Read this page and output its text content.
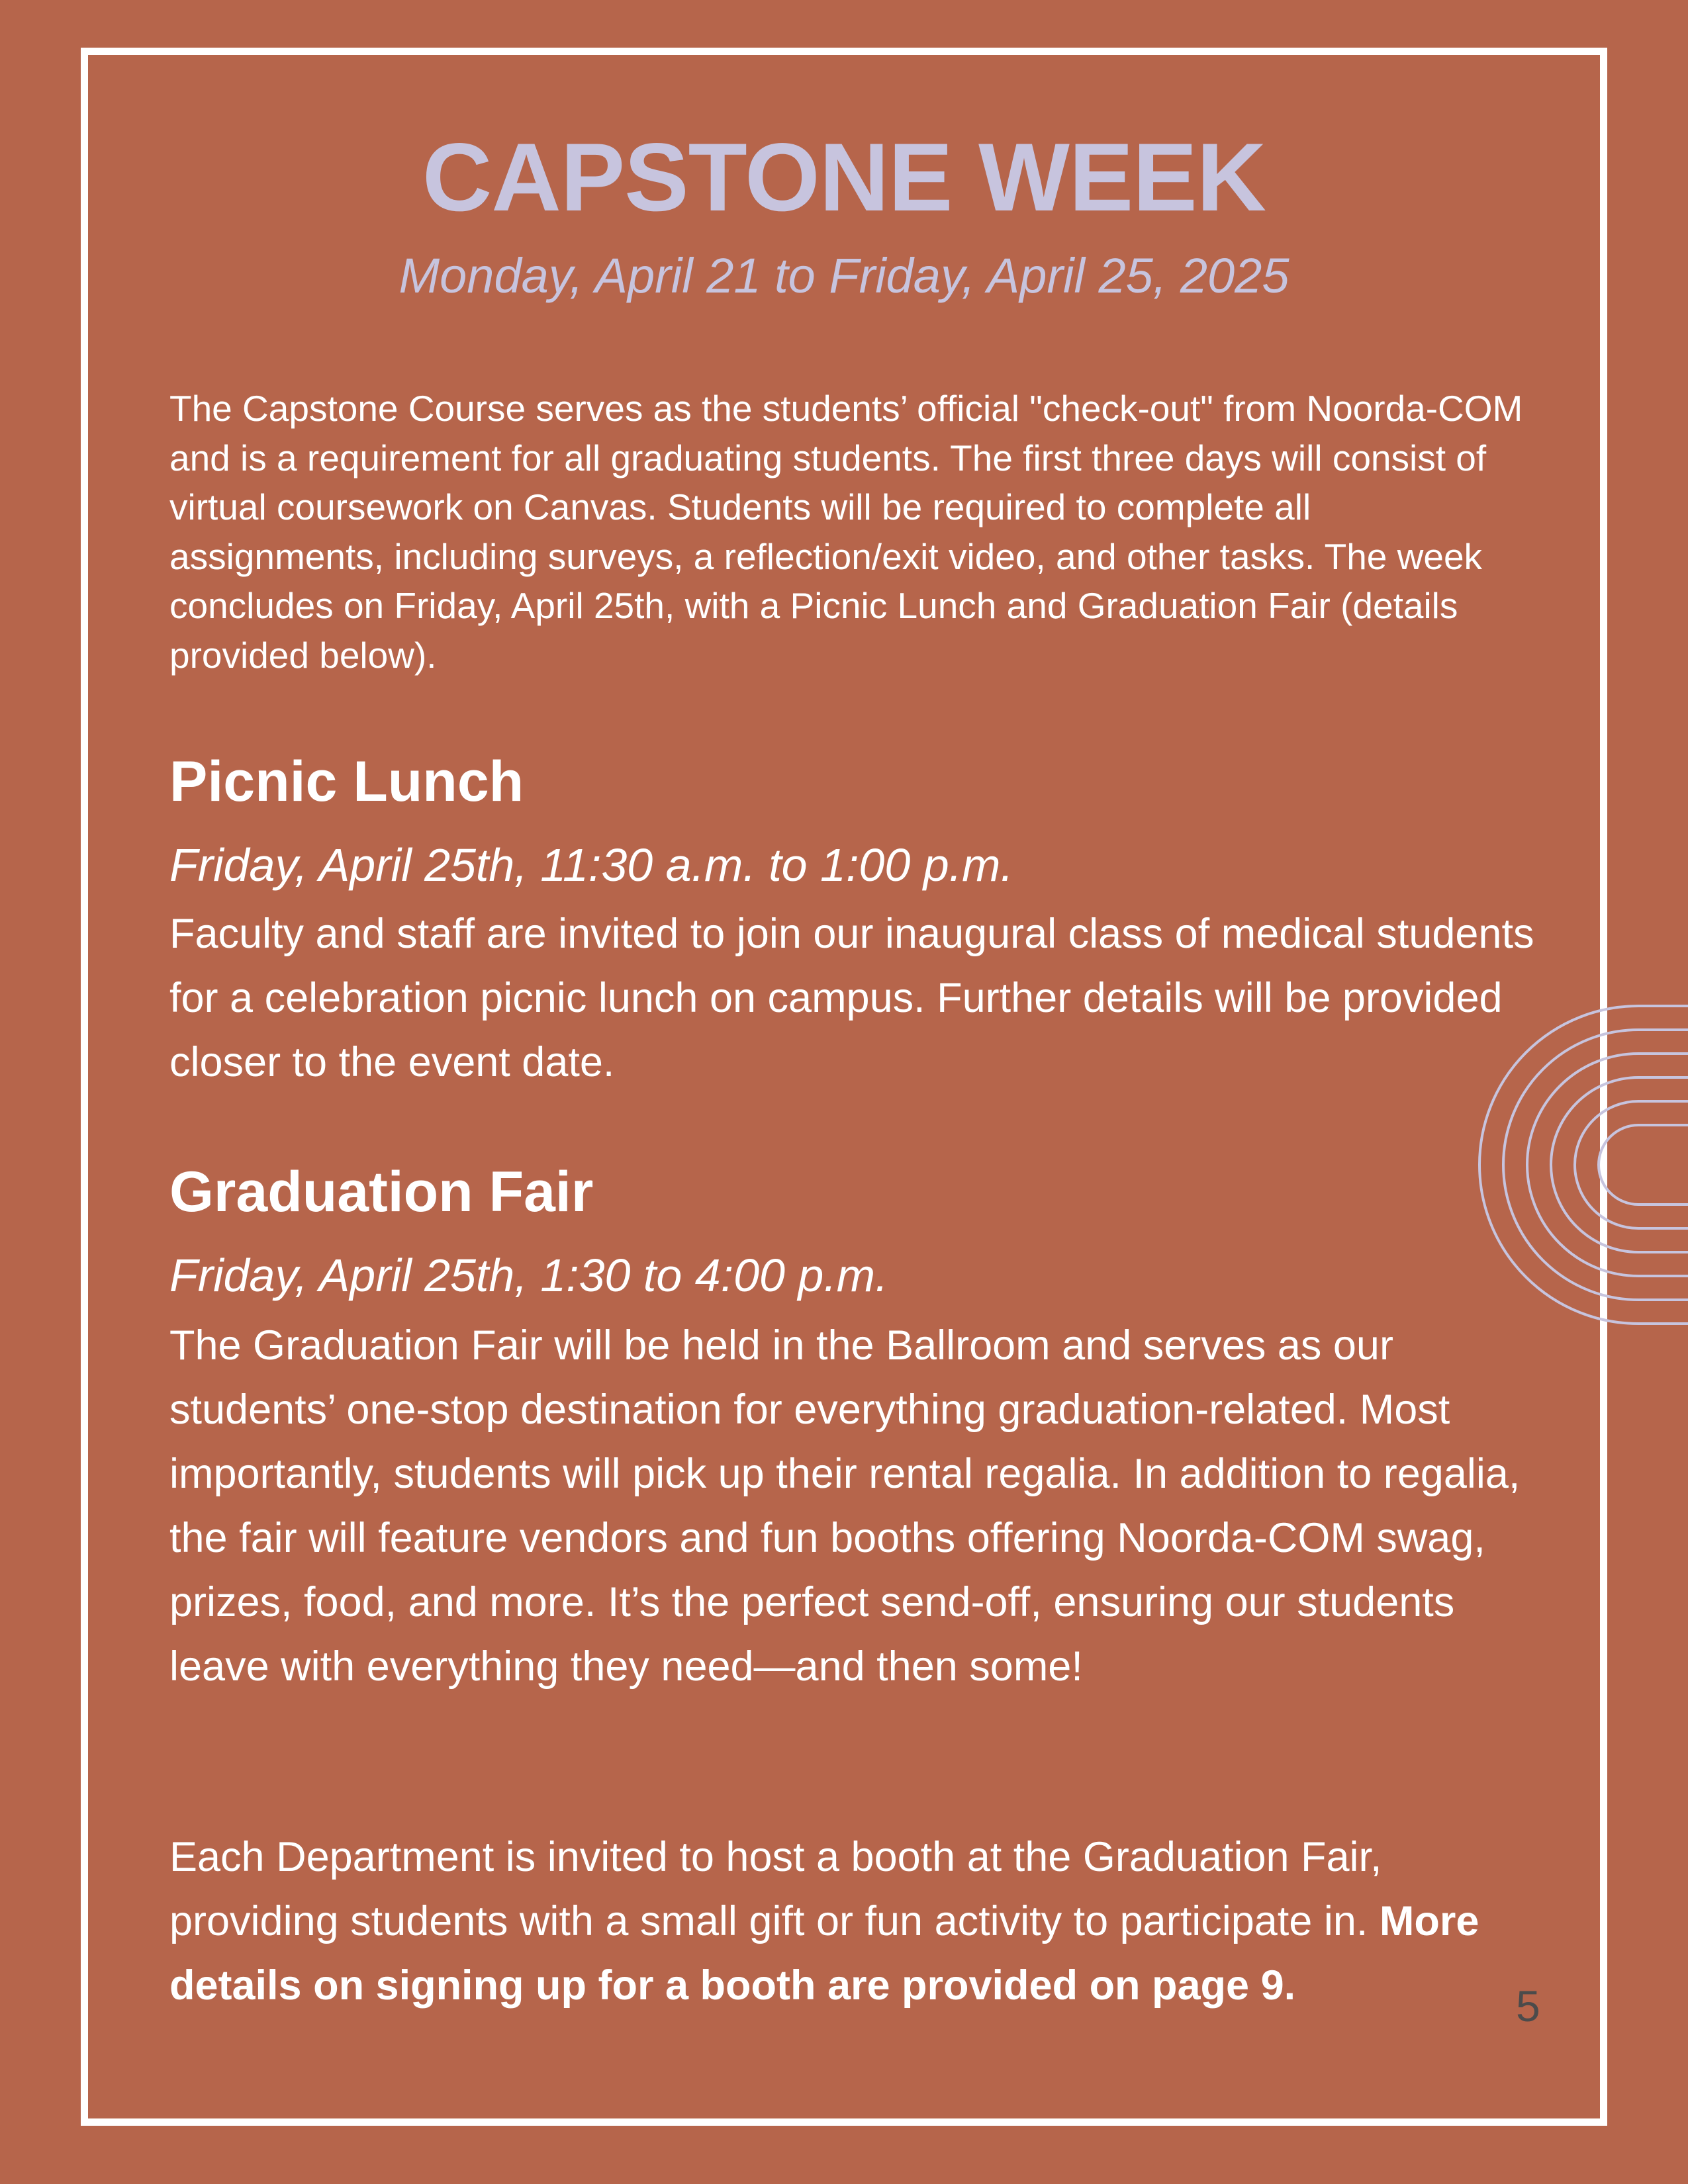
CAPSTONE WEEK
Monday, April 21 to Friday, April 25, 2025

The Capstone Course serves as the students’ official "check-out" from Noorda-COM and is a requirement for all graduating students. The first three days will consist of virtual coursework on Canvas. Students will be required to complete all assignments, including surveys, a reflection/exit video, and other tasks. The week concludes on Friday, April 25th, with a Picnic Lunch and Graduation Fair (details provided below).

Picnic Lunch
Friday, April 25th, 11:30 a.m. to 1:00 p.m.

Faculty and staff are invited to join our inaugural class of medical students for a celebration picnic lunch on campus. Further details will be provided closer to the event date.

Graduation Fair
Friday, April 25th, 1:30 to 4:00 p.m.

The Graduation Fair will be held in the Ballroom and serves as our students’ one-stop destination for everything graduation-related. Most importantly, students will pick up their rental regalia. In addition to regalia, the fair will feature vendors and fun booths offering Noorda-COM swag, prizes, food, and more. It’s the perfect send-off, ensuring our students leave with everything they need—and then some!

Each Department is invited to host a booth at the Graduation Fair, providing students with a small gift or fun activity to participate in. More details on signing up for a booth are provided on page 9.	5
